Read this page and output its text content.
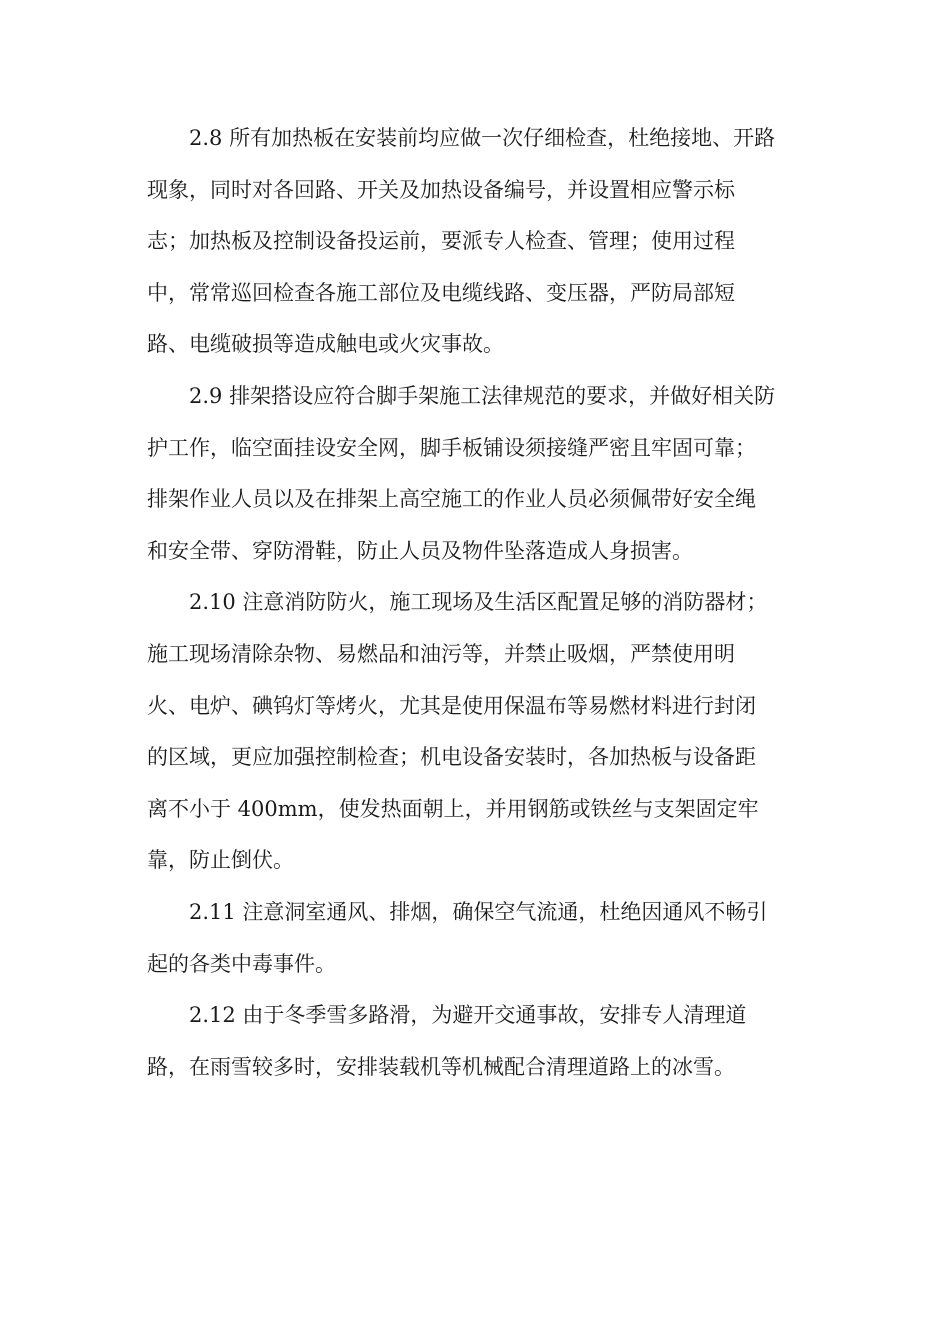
2.8 所有加热板在安装前均应做一次仔细检查，杜绝接地、开路
现象，同时对各回路、开关及加热设备编号，并设置相应警示标
志；加热板及控制设备投运前，要派专人检查、管理；使用过程
中，常常巡回检查各施工部位及电缆线路、变压器，严防局部短
路、电缆破损等造成触电或火灾事故。

2.9 排架搭设应符合脚手架施工法律规范的要求，并做好相关防
护工作，临空面挂设安全网，脚手板铺设须接缝严密且牢固可靠；
排架作业人员以及在排架上高空施工的作业人员必须佩带好安全绳
和安全带、穿防滑鞋，防止人员及物件坠落造成人身损害。

2.10 注意消防防火，施工现场及生活区配置足够的消防器材；
施工现场清除杂物、易燃品和油污等，并禁止吸烟，严禁使用明
火、电炉、碘钨灯等烤火，尤其是使用保温布等易燃材料进行封闭
的区域，更应加强控制检查；机电设备安装时，各加热板与设备距
离不小于 400mm，使发热面朝上，并用钢筋或铁丝与支架固定牢
靠，防止倒伏。

2.11 注意洞室通风、排烟，确保空气流通，杜绝因通风不畅引
起的各类中毒事件。

2.12 由于冬季雪多路滑，为避开交通事故，安排专人清理道
路，在雨雪较多时，安排装载机等机械配合清理道路上的冰雪。
